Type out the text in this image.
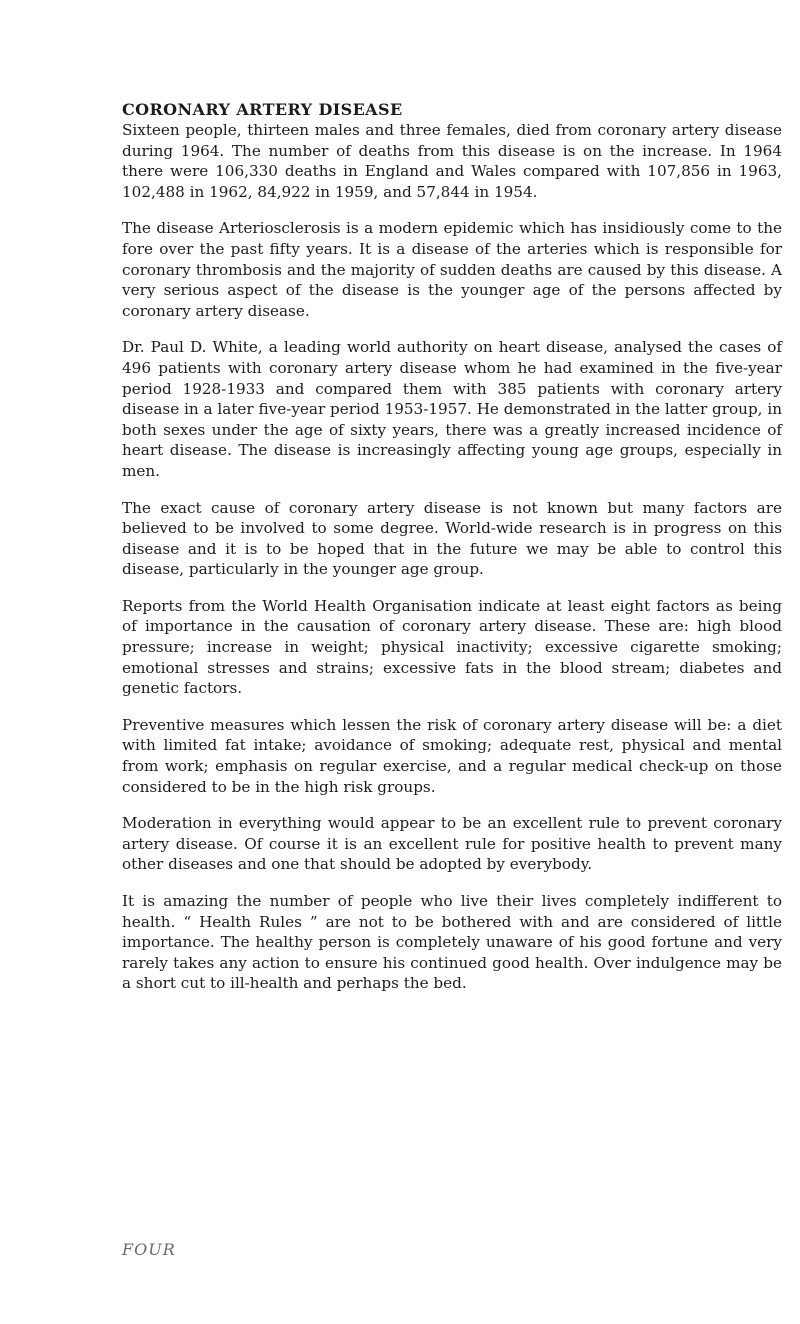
CORONARY ARTERY DISEASE

Sixteen people, thirteen males and three females, died from coronary artery disease during 1964. The number of deaths from this disease is on the increase. In 1964 there were 106,330 deaths in England and Wales compared with 107,856 in 1963, 102,488 in 1962, 84,922 in 1959, and 57,844 in 1954.

The disease Arteriosclerosis is a modern epidemic which has insidiously come to the fore over the past fifty years. It is a disease of the arteries which is responsible for coronary thrombosis and the majority of sudden deaths are caused by this disease. A very serious aspect of the disease is the younger age of the persons affected by coronary artery disease.

Dr. Paul D. White, a leading world authority on heart disease, analysed the cases of 496 patients with coronary artery disease whom he had examined in the five-year period 1928-1933 and compared them with 385 patients with coronary artery disease in a later five-year period 1953-1957. He demonstrated in the latter group, in both sexes under the age of sixty years, there was a greatly increased incidence of heart disease. The disease is increasingly affecting young age groups, especially in men.

The exact cause of coronary artery disease is not known but many factors are believed to be involved to some degree. World-wide research is in progress on this disease and it is to be hoped that in the future we may be able to control this disease, particularly in the younger age group.

Reports from the World Health Organisation indicate at least eight factors as being of importance in the causation of coronary artery disease. These are: high blood pressure; increase in weight; physical inactivity; excessive cigarette smoking; emotional stresses and strains; excessive fats in the blood stream; diabetes and genetic factors.

Preventive measures which lessen the risk of coronary artery disease will be: a diet with limited fat intake; avoidance of smoking; adequate rest, physical and mental from work; emphasis on regular exercise, and a regular medical check-up on those considered to be in the high risk groups.

Moderation in everything would appear to be an excellent rule to prevent coronary artery disease. Of course it is an excellent rule for positive health to prevent many other diseases and one that should be adopted by everybody.

It is amazing the number of people who live their lives completely indifferent to health. “ Health Rules ” are not to be bothered with and are considered of little importance. The healthy person is completely unaware of his good fortune and very rarely takes any action to ensure his continued good health. Over indulgence may be a short cut to ill-health and perhaps the bed.

FOUR
